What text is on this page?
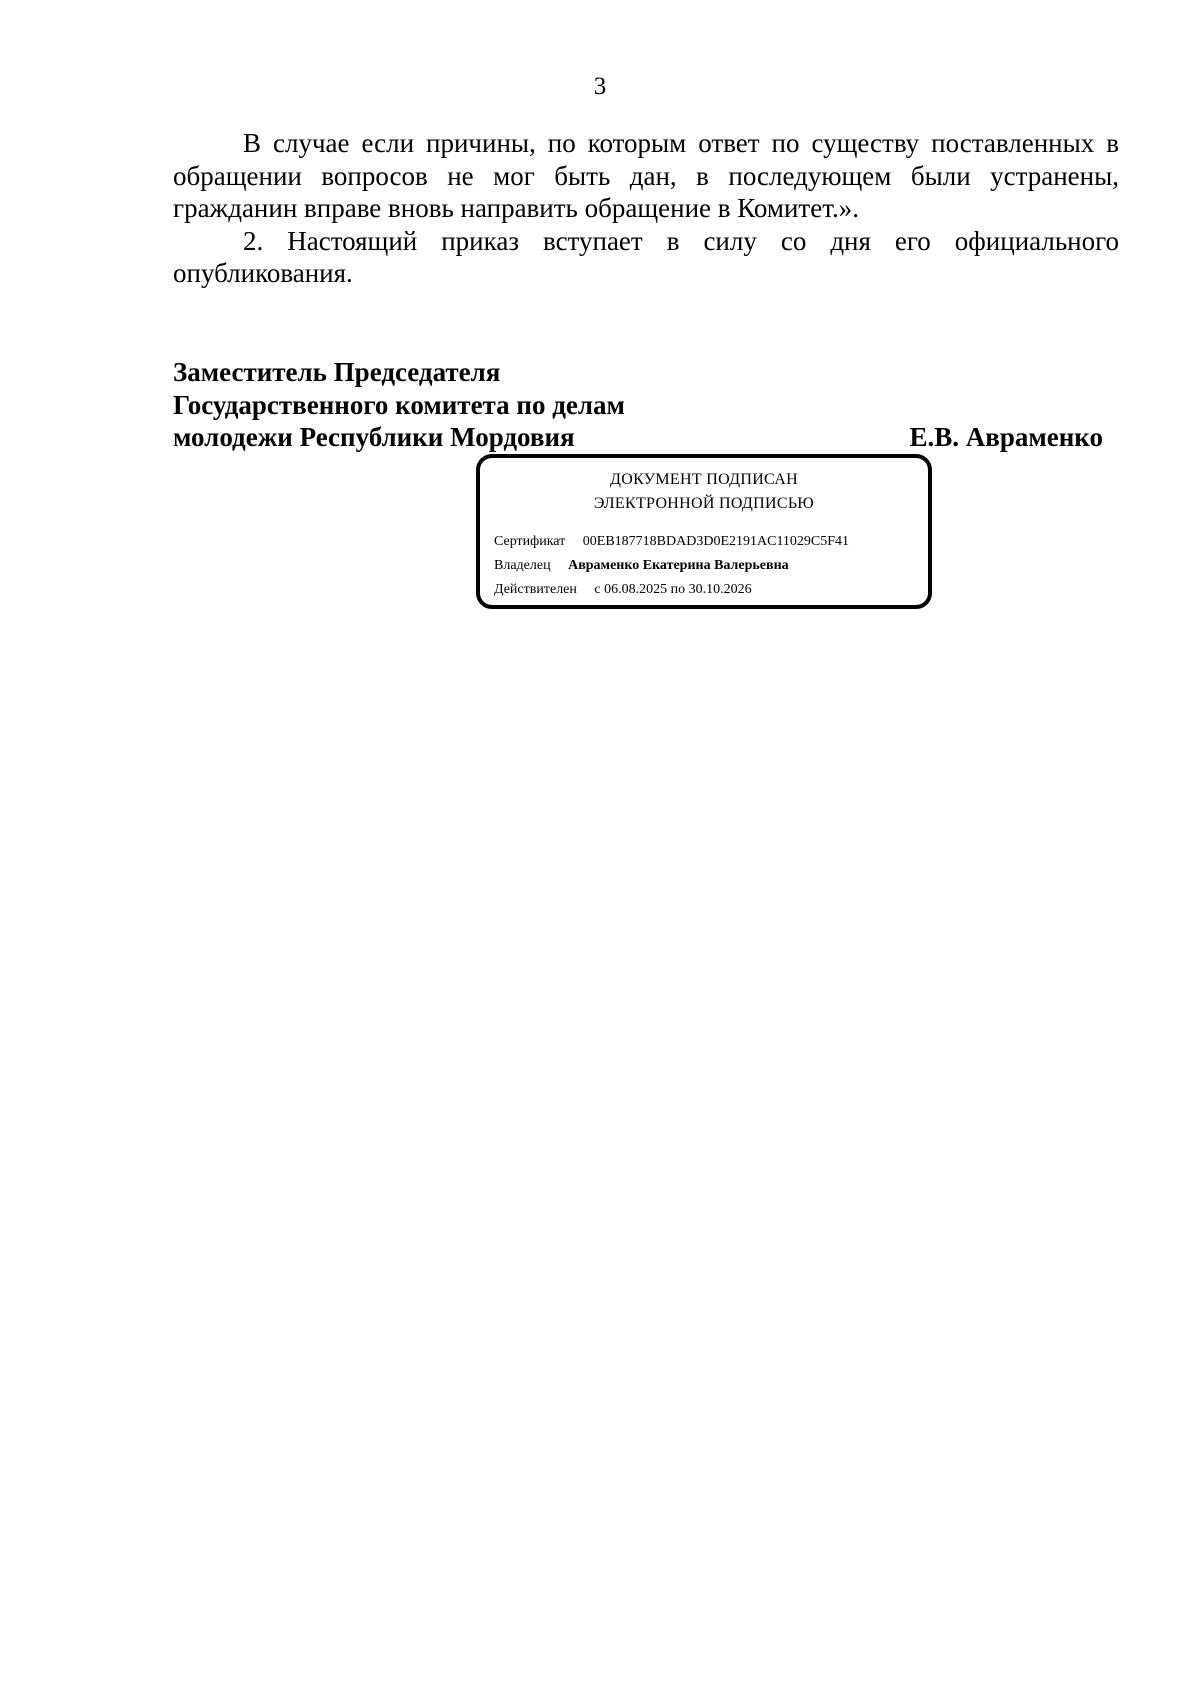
3

В случае если причины, по которым ответ по существу поставленных в обращении вопросов не мог быть дан, в последующем были устранены, гражданин вправе вновь направить обращение в Комитет.».

2. Настоящий приказ вступает в силу со дня его официального опубликования.

Заместитель Председателя
Государственного комитета по делам
молодежи Республики Мордовия	Е.В. Авраменко
ДОКУМЕНТ ПОДПИСАН
ЭЛЕКТРОННОЙ ПОДПИСЬЮ
Сертификат 00EB187718BDAD3D0E2191AC11029C5F41
Владелец Авраменко Екатерина Валерьевна
Действителен с 06.08.2025 по 30.10.2026
